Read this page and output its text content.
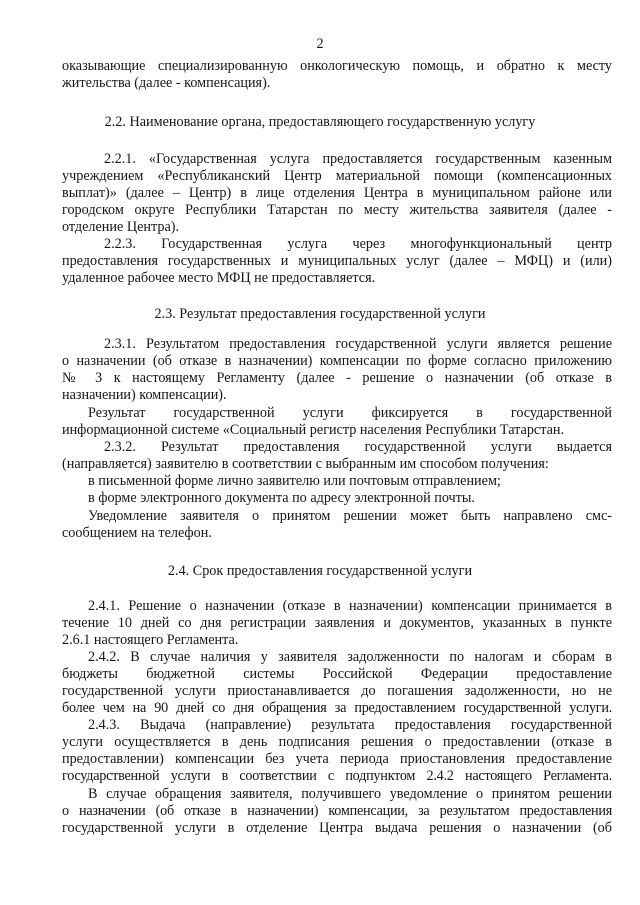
2
оказывающие специализированную онкологическую помощь, и обратно к месту
жительства (далее - компенсация).
2.2. Наименование органа, предоставляющего государственную услугу
2.2.1. «Государственная услуга предоставляется государственным казенным
учреждением «Республиканский Центр материальной помощи (компенсационных
выплат)» (далее – Центр) в лице отделения Центра в муниципальном районе или
городском округе Республики Татарстан по месту жительства заявителя (далее -
отделение Центра).
2.2.3. Государственная услуга через многофункциональный центр
предоставления государственных и муниципальных услуг (далее – МФЦ) и (или)
удаленное рабочее место МФЦ не предоставляется.
2.3. Результат предоставления государственной услуги
2.3.1. Результатом предоставления государственной услуги является решение
о назначении (об отказе в назначении) компенсации по форме согласно приложению
№ 3 к настоящему Регламенту (далее - решение о назначении (об отказе в
назначении) компенсации).
Результат государственной услуги фиксируется в государственной
информационной системе «Социальный регистр населения Республики Татарстан.
2.3.2. Результат предоставления государственной услуги выдается
(направляется) заявителю в соответствии с выбранным им способом получения:
в письменной форме лично заявителю или почтовым отправлением;
в форме электронного документа по адресу электронной почты.
Уведомление заявителя о принятом решении может быть направлено смс-
сообщением на телефон.
2.4. Срок предоставления государственной услуги
2.4.1. Решение о назначении (отказе в назначении) компенсации принимается в
течение 10 дней со дня регистрации заявления и документов, указанных в пункте
2.6.1 настоящего Регламента.
2.4.2. В случае наличия у заявителя задолженности по налогам и сборам в
бюджеты бюджетной системы Российской Федерации предоставление
государственной услуги приостанавливается до погашения задолженности, но не
более чем на 90 дней со дня обращения за предоставлением государственной услуги.
2.4.3. Выдача (направление) результата предоставления государственной
услуги осуществляется в день подписания решения о предоставлении (отказе в
предоставлении) компенсации без учета периода приостановления предоставление
государственной услуги в соответствии с подпунктом 2.4.2 настоящего Регламента.
В случае обращения заявителя, получившего уведомление о принятом решении
о назначении (об отказе в назначении) компенсации, за результатом предоставления
государственной услуги в отделение Центра выдача решения о назначении (об
